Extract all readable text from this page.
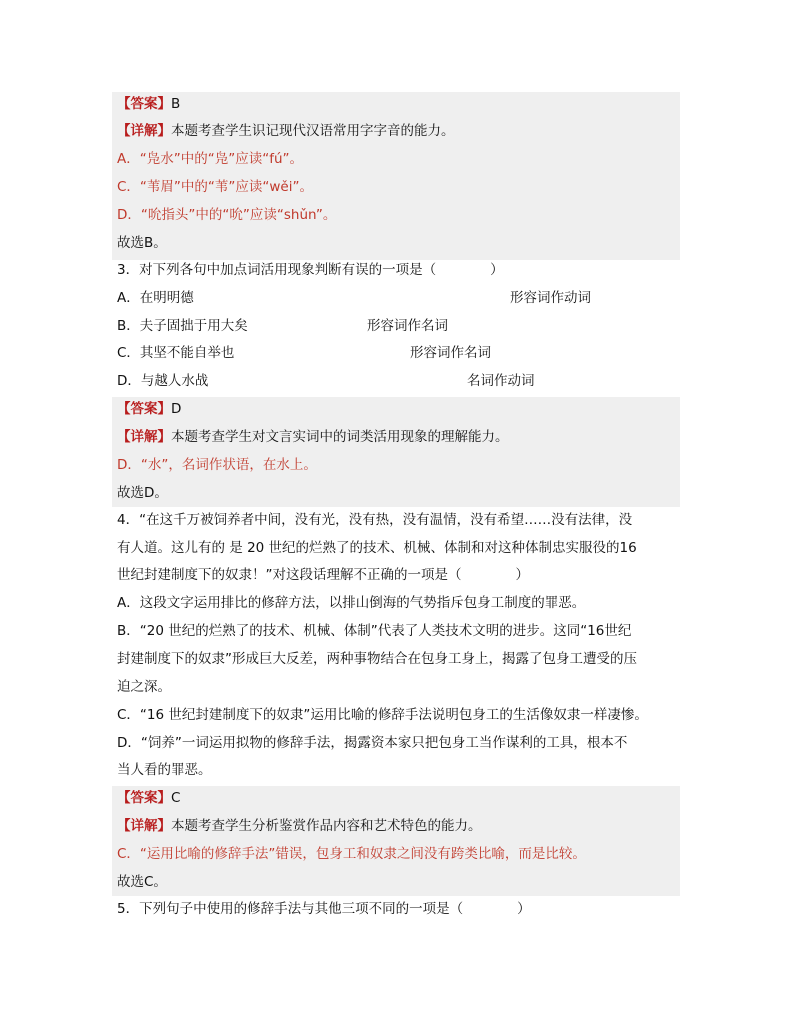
【答案】B
【详解】本题考查学生识记现代汉语常用字字音的能力。
A．“凫水”中的“凫”应读“fú”。
C．“苇眉”中的“苇”应读“wěi”。
D．“吮指头”中的“吮”应读“shǔn”。
故选B。
3．对下列各句中加点词活用现象判断有误的一项是（　　　　）
A．在明明德	形容词作动词
B．夫子固拙于用大矣	形容词作名词
C．其坚不能自举也	形容词作名词
D．与越人水战	名词作动词
【答案】D
【详解】本题考查学生对文言实词中的词类活用现象的理解能力。
D．“水”，名词作状语，在水上。
故选D。
4．“在这千万被饲养者中间，没有光，没有热，没有温情，没有希望……没有法律，没
有人道。这儿有的 是 20 世纪的烂熟了的技术、机械、体制和对这种体制忠实服役的16
世纪封建制度下的奴隶！”对这段话理解不正确的一项是（　　　　）
A．这段文字运用排比的修辞方法，以排山倒海的气势指斥包身工制度的罪恶。
B．“20 世纪的烂熟了的技术、机械、体制”代表了人类技术文明的进步。这同“16世纪
封建制度下的奴隶”形成巨大反差，两种事物结合在包身工身上，揭露了包身工遭受的压
迫之深。
C．“16 世纪封建制度下的奴隶”运用比喻的修辞手法说明包身工的生活像奴隶一样凄惨。
D．“饲养”一词运用拟物的修辞手法，揭露资本家只把包身工当作谋利的工具，根本不
当人看的罪恶。
【答案】C
【详解】本题考查学生分析鉴赏作品内容和艺术特色的能力。
C．“运用比喻的修辞手法”错误，包身工和奴隶之间没有跨类比喻，而是比较。
故选C。
5．下列句子中使用的修辞手法与其他三项不同的一项是（　　　　）
